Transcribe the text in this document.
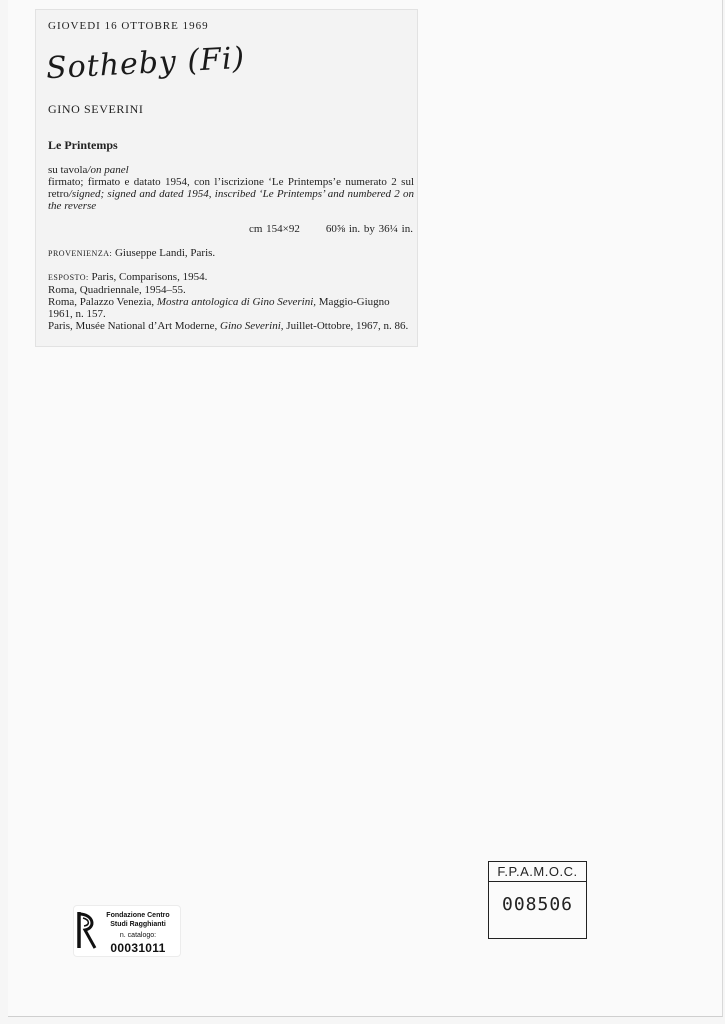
GIOVEDI 16 OTTOBRE 1969

Sotheby (Fi)

GINO SEVERINI

Le Printemps

su tavola/on panel
firmato; firmato e datato 1954, con l’iscrizione ‘Le Printemps’e numerato 2 sul retro/signed; signed and dated 1954, inscribed ‘Le Printemps’ and numbered 2 on the reverse

cm 154×92 60⅝ in. by 36¼ in.

PROVENIENZA: Giuseppe Landi, Paris.

ESPOSTO: Paris, Comparisons, 1954.
Roma, Quadriennale, 1954–55.
Roma, Palazzo Venezia, Mostra antologica di Gino Severini, Maggio-Giugno 1961, n. 157.
Paris, Musée National d’Art Moderne, Gino Severini, Juillet-Ottobre, 1967, n. 86.

Fondazione Centro
Studi Ragghianti
n. catalogo:
00031011
F.P.A.M.O.C.
008506
